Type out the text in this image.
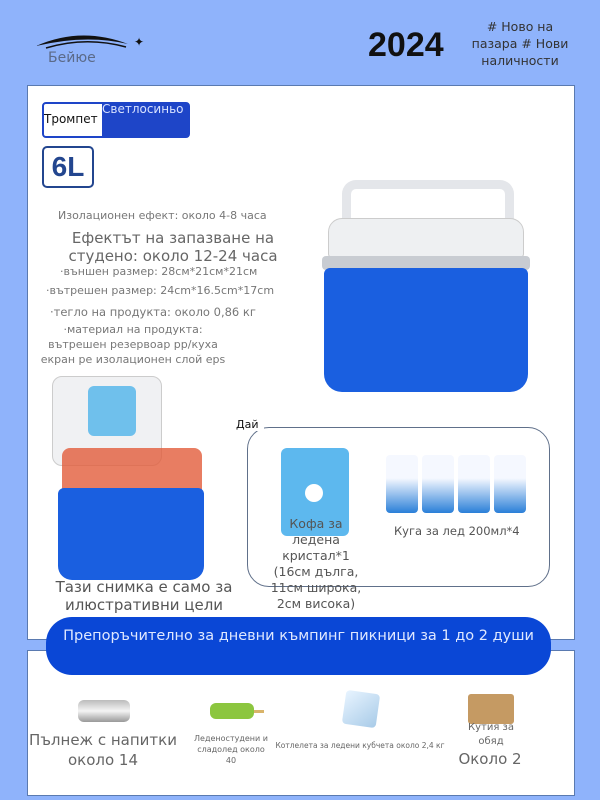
✦
Бейюе	2024	# Ново на пазара # Нови наличности
Тромпет
Светлосиньо
6L
Изолационен ефект: около 4-8 часа
Ефектът на запазване на студено: около 12-24 часа
·външен размер: 28см*21см*21см
·вътрешен размер: 24cm*16.5cm*17cm
·тегло на продукта: около 0,86 кг
·материал на продукта: вътрешен резервоар pp/куха екран pe изолационен слой eps
Тази снимка е само за илюстративни цели
Дай
Кофа за ледена кристал*1 (16см дълга, 11см широка, 2см висока)
Куга за лед 200мл*4
Препоръчително за дневни къмпинг пикници за 1 до 2 души
Пълнеж с напитки около 14
Леденостудени и сладолед около 40
Котлелета за ледени кубчета около 2,4 кг
Кутия за обяд
Около 2
